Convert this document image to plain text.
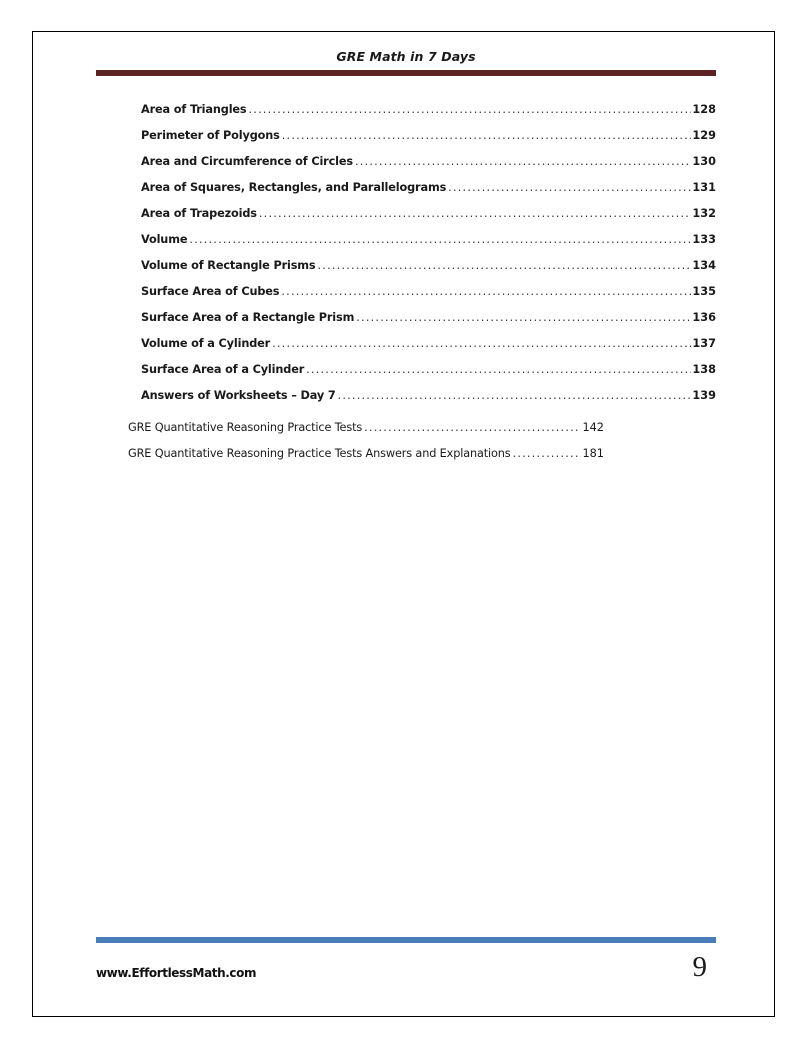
GRE Math in 7 Days
Area of Triangles .....	128
Perimeter of Polygons .....	129
Area and Circumference of Circles .....	130
Area of Squares, Rectangles, and Parallelograms .....	131
Area of Trapezoids .....	132
Volume .....	133
Volume of Rectangle Prisms .....	134
Surface Area of Cubes .....	135
Surface Area of a Rectangle Prism .....	136
Volume of a Cylinder .....	137
Surface Area of a Cylinder .....	138
Answers of Worksheets – Day 7 .....	139
GRE Quantitative Reasoning Practice Tests .....	142
GRE Quantitative Reasoning Practice Tests Answers and Explanations .....	181
www.EffortlessMath.com	9
